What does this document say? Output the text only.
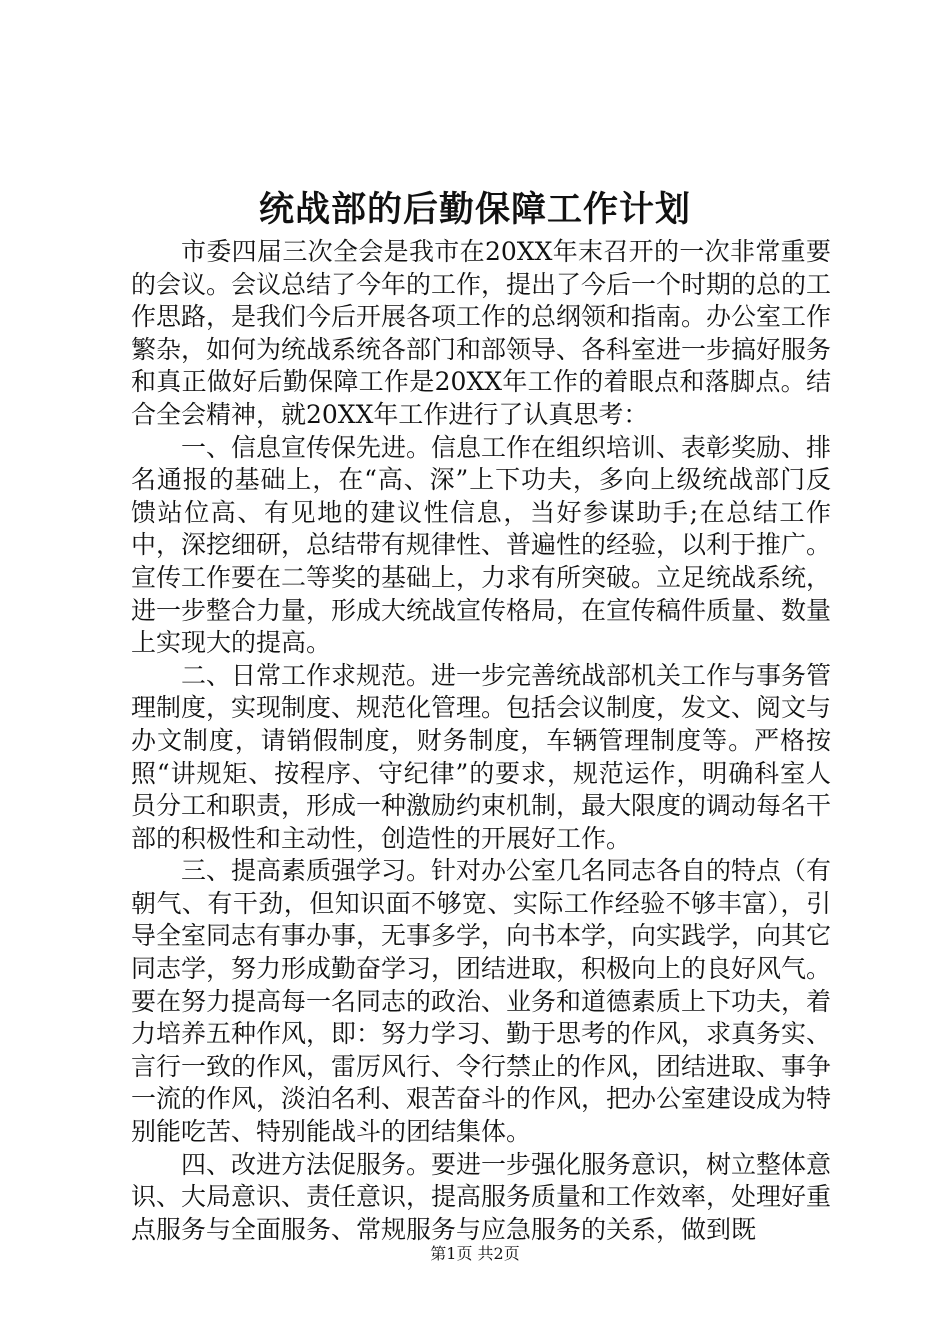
统战部的后勤保障工作计划

市委四届三次全会是我市在20XX年末召开的一次非常重要的会议。会议总结了今年的工作，提出了今后一个时期的总的工作思路，是我们今后开展各项工作的总纲领和指南。办公室工作繁杂，如何为统战系统各部门和部领导、各科室进一步搞好服务和真正做好后勤保障工作是20XX年工作的着眼点和落脚点。结合全会精神，就20XX年工作进行了认真思考：

一、信息宣传保先进。信息工作在组织培训、表彰奖励、排名通报的基础上，在“高、深”上下功夫，多向上级统战部门反馈站位高、有见地的建议性信息，当好参谋助手;在总结工作中，深挖细研，总结带有规律性、普遍性的经验，以利于推广。宣传工作要在二等奖的基础上，力求有所突破。立足统战系统，进一步整合力量，形成大统战宣传格局，在宣传稿件质量、数量上实现大的提高。

二、日常工作求规范。进一步完善统战部机关工作与事务管理制度，实现制度、规范化管理。包括会议制度，发文、阅文与办文制度，请销假制度，财务制度，车辆管理制度等。严格按照“讲规矩、按程序、守纪律”的要求，规范运作，明确科室人员分工和职责，形成一种激励约束机制，最大限度的调动每名干部的积极性和主动性，创造性的开展好工作。

三、提高素质强学习。针对办公室几名同志各自的特点（有朝气、有干劲，但知识面不够宽、实际工作经验不够丰富），引导全室同志有事办事，无事多学，向书本学，向实践学，向其它同志学，努力形成勤奋学习，团结进取，积极向上的良好风气。要在努力提高每一名同志的政治、业务和道德素质上下功夫，着力培养五种作风，即：努力学习、勤于思考的作风，求真务实、言行一致的作风，雷厉风行、令行禁止的作风，团结进取、事争一流的作风，淡泊名利、艰苦奋斗的作风，把办公室建设成为特别能吃苦、特别能战斗的团结集体。

四、改进方法促服务。要进一步强化服务意识，树立整体意识、大局意识、责任意识，提高服务质量和工作效率，处理好重点服务与全面服务、常规服务与应急服务的关系，做到既

第1页 共2页
